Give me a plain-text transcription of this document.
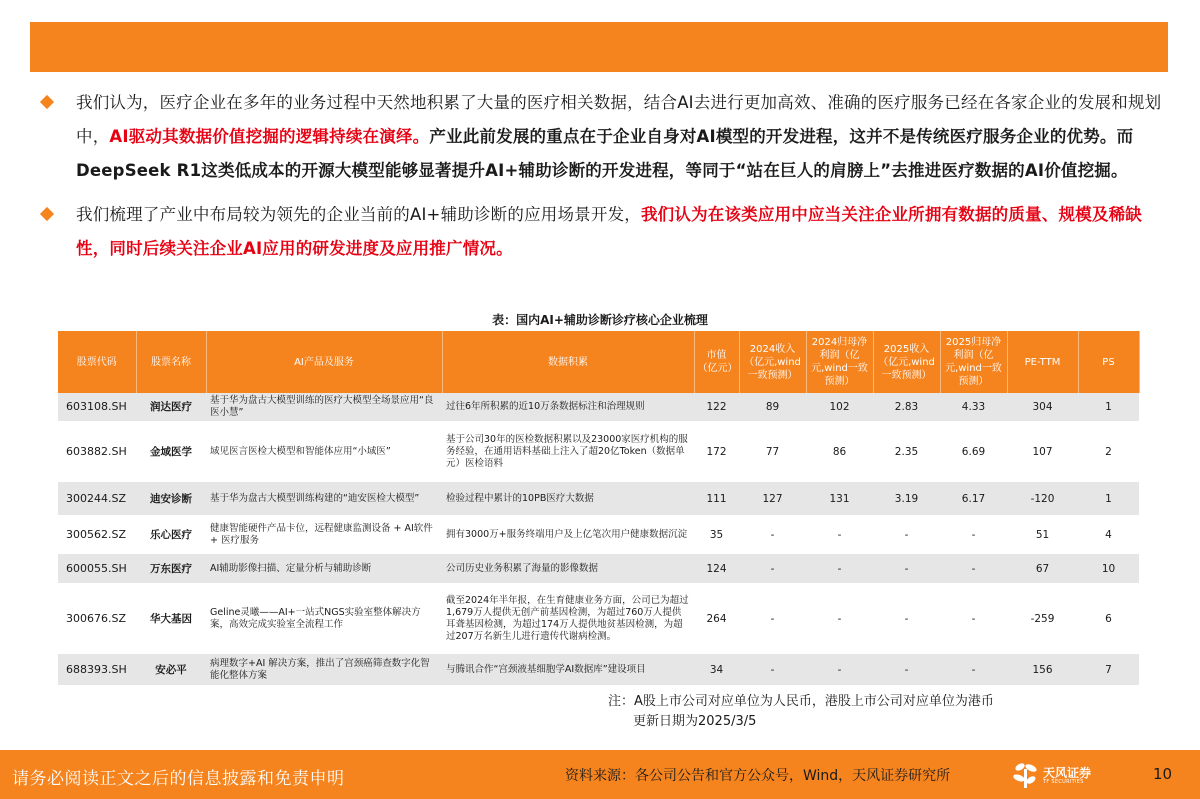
我们认为，医疗企业在多年的业务过程中天然地积累了大量的医疗相关数据，结合AI去进行更加高效、准确的医疗服务已经在各家企业的发展和规划中，AI驱动其数据价值挖掘的逻辑持续在演绎。产业此前发展的重点在于企业自身对AI模型的开发进程，这并不是传统医疗服务企业的优势。而DeepSeek R1这类低成本的开源大模型能够显著提升AI+辅助诊断的开发进程，等同于“站在巨人的肩膀上”去推进医疗数据的AI价值挖掘。
我们梳理了产业中布局较为领先的企业当前的AI+辅助诊断的应用场景开发，我们认为在该类应用中应当关注企业所拥有数据的质量、规模及稀缺性，同时后续关注企业AI应用的研发进度及应用推广情况。
表：国内AI+辅助诊断诊疗核心企业梳理
股票代码	股票名称	AI产品及服务	数据积累	市值（亿元）	2024收入（亿元,wind一致预测）	2024归母净利润（亿元,wind一致预测）	2025收入（亿元,wind一致预测）	2025归母净利润（亿元,wind一致预测）	PE-TTM	PS
603108.SH	润达医疗	基于华为盘古大模型训练的医疗大模型全场景应用“良医小慧”	过往6年所积累的近10万条数据标注和治理规则	122	89	102	2.83	4.33	304	1
603882.SH	金域医学	域见医言医检大模型和智能体应用“小域医”	基于公司30年的医检数据积累以及23000家医疗机构的服务经验，在通用语料基础上注入了超20亿Token（数据单元）医检语料	172	77	86	2.35	6.69	107	2
300244.SZ	迪安诊断	基于华为盘古大模型训练构建的“迪安医检大模型”	检验过程中累计的10PB医疗大数据	111	127	131	3.19	6.17	-120	1
300562.SZ	乐心医疗	健康智能硬件产品卡位，远程健康监测设备 + AI软件 + 医疗服务	拥有3000万+服务终端用户及上亿笔次用户健康数据沉淀	35	-	-	-	-	51	4
600055.SH	万东医疗	AI辅助影像扫描、定量分析与辅助诊断	公司历史业务积累了海量的影像数据	124	-	-	-	-	67	10
300676.SZ	华大基因	Geline灵曦——AI+一站式NGS实验室整体解决方案，高效完成实验室全流程工作	截至2024年半年报，在生育健康业务方面，公司已为超过1,679万人提供无创产前基因检测，为超过760万人提供耳聋基因检测，为超过174万人提供地贫基因检测，为超过207万名新生儿进行遗传代谢病检测。	264	-	-	-	-	-259	6
688393.SH	安必平	病理数字+AI 解决方案，推出了宫颈癌筛查数字化智能化整体方案	与腾讯合作“宫颈液基细胞学AI数据库”建设项目	34	-	-	-	-	156	7
注：A股上市公司对应单位为人民币，港股上市公司对应单位为港币
更新日期为2025/3/5
请务必阅读正文之后的信息披露和免责申明	资料来源：各公司公告和官方公众号，Wind，天风证券研究所	天风证券
TF SECURITIES	10
